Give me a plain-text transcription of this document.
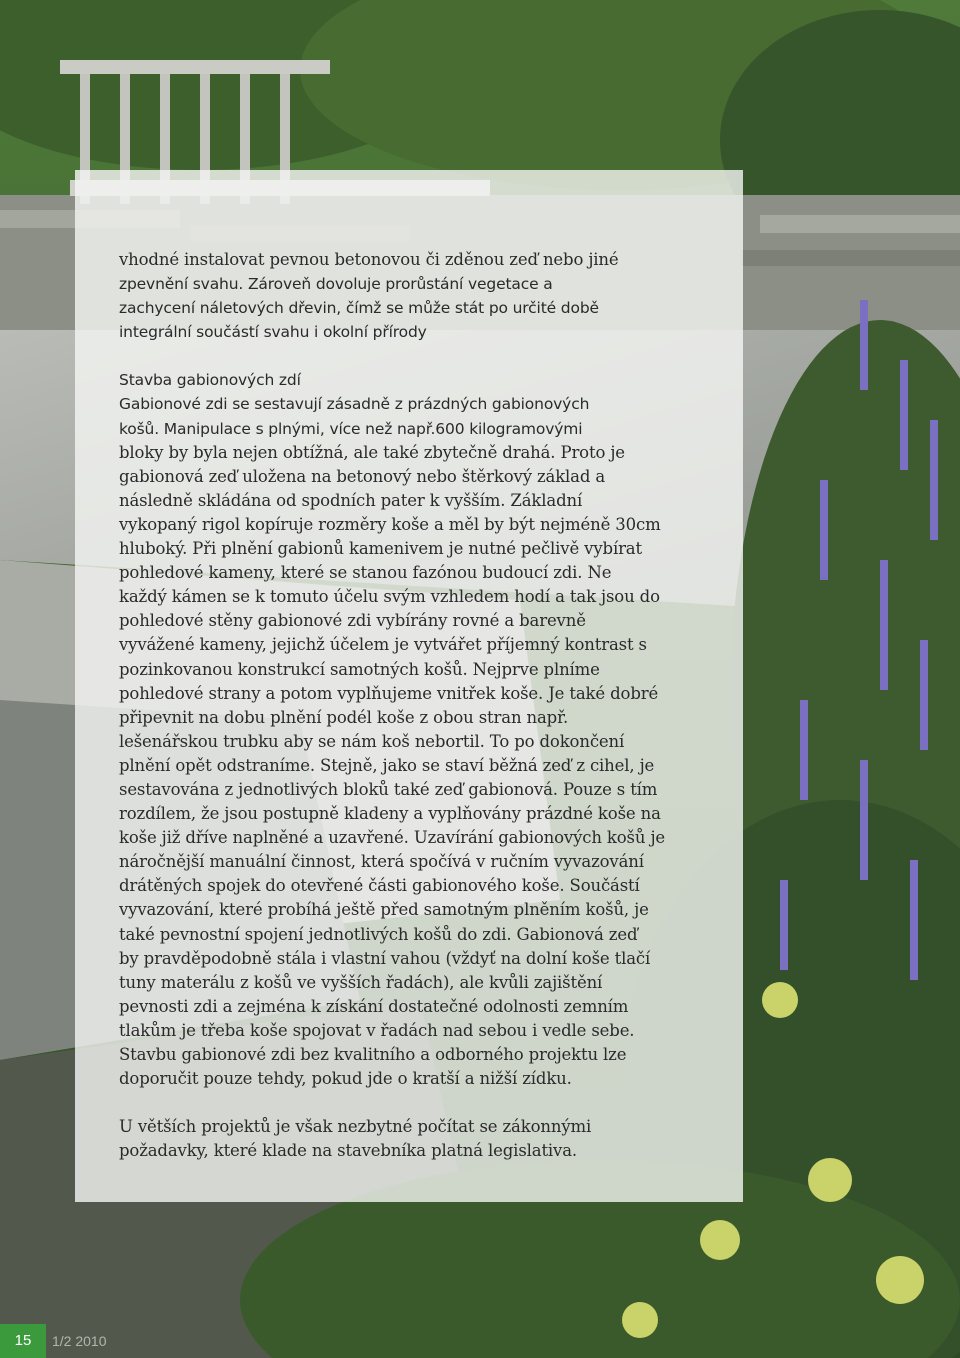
vhodné instalovat pevnou betonovou či zděnou zeď nebo jiné
zpevnění svahu. Zároveň dovoluje prorůstání vegetace a
zachycení náletových dřevin, čímž se může stát po určité době
integrální součástí svahu i okolní přírody
Stavba gabionových zdí
Gabionové zdi se sestavují zásadně z prázdných gabionových
košů. Manipulace s plnými, více než např.600 kilogramovými
bloky by byla nejen obtížná, ale také zbytečně drahá. Proto je
gabionová zeď uložena na betonový nebo štěrkový základ a
následně skládána od spodních pater k vyšším. Základní
vykopaný rigol kopíruje rozměry koše a měl by být nejméně 30cm
hluboký. Při plnění gabionů kamenivem je nutné pečlivě vybírat
pohledové kameny, které se stanou fazónou budoucí zdi. Ne
každý kámen se k tomuto účelu svým vzhledem hodí a tak jsou do
pohledové stěny gabionové zdi vybírány rovné a barevně
vyvážené kameny, jejichž účelem je vytvářet příjemný kontrast s
pozinkovanou konstrukcí samotných košů. Nejprve plníme
pohledové strany a potom vyplňujeme vnitřek koše. Je také dobré
připevnit na dobu plnění podél koše z obou stran např.
lešenářskou trubku aby se nám koš nebortil. To po dokončení
plnění opět odstraníme. Stejně, jako se staví běžná zeď z cihel, je
sestavována z jednotlivých bloků také zeď gabionová. Pouze s tím
rozdílem, že jsou postupně kladeny a vyplňovány prázdné koše na
koše již dříve naplněné a uzavřené. Uzavírání gabionových košů je
náročnější manuální činnost, která spočívá v ručním vyvazování
drátěných spojek do otevřené části gabionového koše. Součástí
vyvazování, které probíhá ještě před samotným plněním košů, je
také pevnostní spojení jednotlivých košů do zdi. Gabionová zeď
by pravděpodobně stála i vlastní vahou (vždyť na dolní koše tlačí
tuny materálu z košů ve vyšších řadách), ale kvůli zajištění
pevnosti zdi a zejména k získání dostatečné odolnosti zemním
tlakům je třeba koše spojovat v řadách nad sebou i vedle sebe.
Stavbu gabionové zdi bez kvalitního a odborného projektu lze
doporučit pouze tehdy, pokud jde o kratší a nižší zídku.
U větších projektů je však nezbytné počítat se zákonnými
požadavky, které klade na stavebníka platná legislativa.
15	1/2 2010
